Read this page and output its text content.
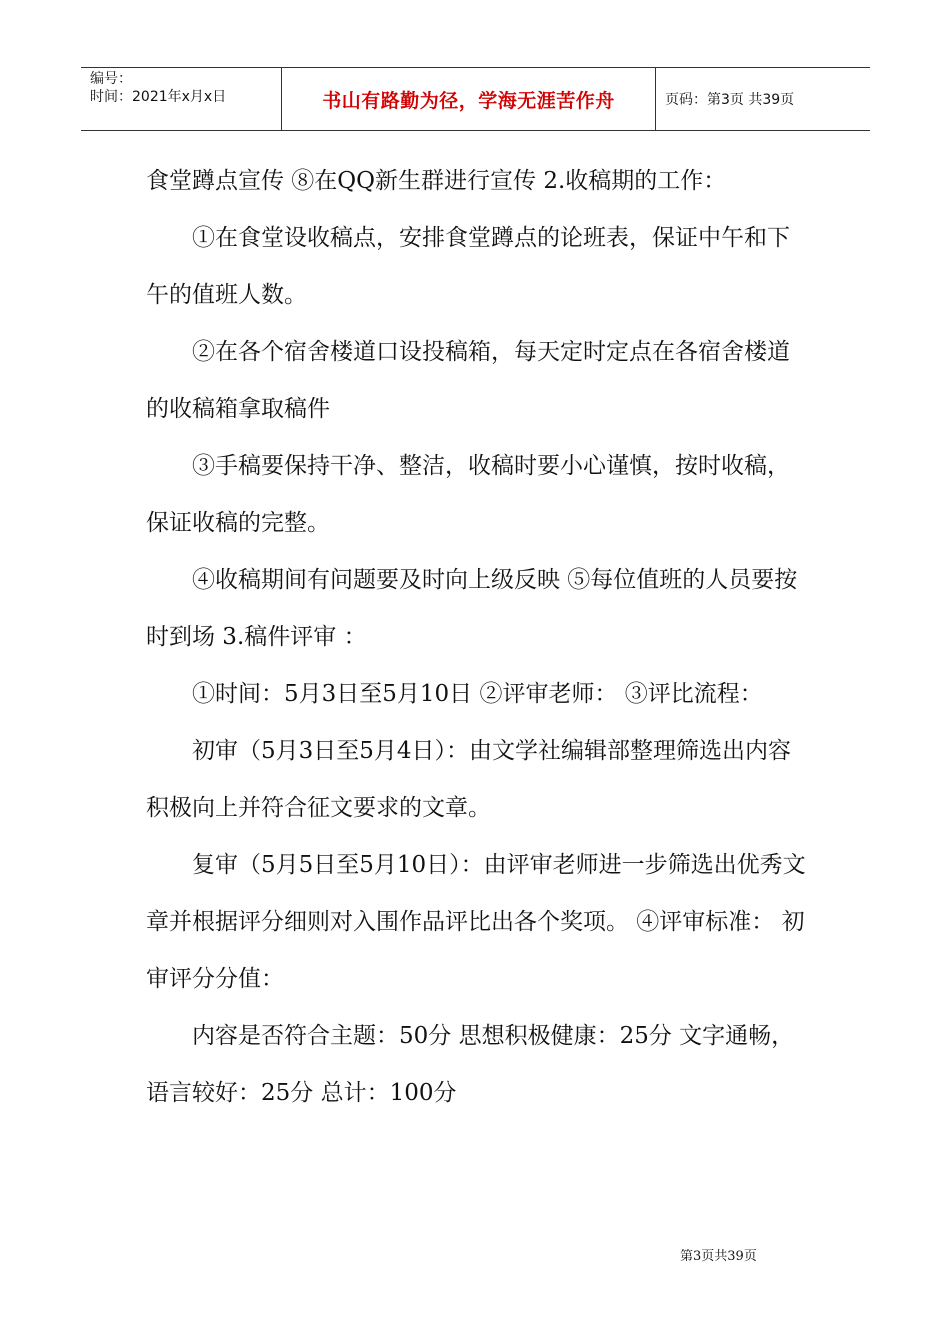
编号：
时间：2021年x月x日	书山有路勤为径，学海无涯苦作舟	页码：第3页 共39页

食堂蹲点宣传 ⑧在QQ新生群进行宣传 2.收稿期的工作：

①在食堂设收稿点，安排食堂蹲点的论班表，保证中午和下午的值班人数。

②在各个宿舍楼道口设投稿箱，每天定时定点在各宿舍楼道的收稿箱拿取稿件

③手稿要保持干净、整洁，收稿时要小心谨慎，按时收稿，保证收稿的完整。

④收稿期间有问题要及时向上级反映 ⑤每位值班的人员要按时到场 3.稿件评审 ：

①时间：5月3日至5月10日 ②评审老师： ③评比流程：

初审（5月3日至5月4日）：由文学社编辑部整理筛选出内容积极向上并符合征文要求的文章。

复审（5月5日至5月10日）：由评审老师进一步筛选出优秀文章并根据评分细则对入围作品评比出各个奖项。 ④评审标准： 初审评分分值：

内容是否符合主题：50分 思想积极健康：25分 文字通畅，语言较好：25分 总计：100分

第3页共39页
